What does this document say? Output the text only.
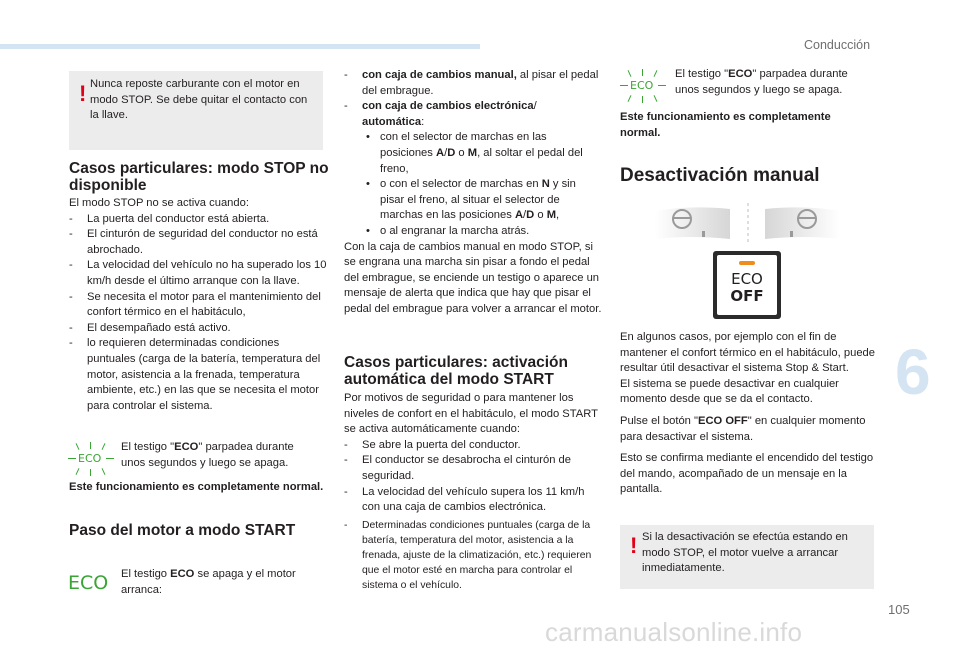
Conducción
6
105
carmanualsonline.info
! Nunca reposte carburante con el motor en modo STOP. Se debe quitar el contacto con la llave.

Casos particulares: modo STOP no disponible

El modo STOP no se activa cuando:

- La puerta del conductor está abierta.

- El cinturón de seguridad del conductor no está abrochado.

- La velocidad del vehículo no ha superado los 10 km/h desde el último arranque con la llave.

- Se necesita el motor para el mantenimiento del confort térmico en el habitáculo,

- El desempañado está activo.

- lo requieren determinadas condiciones puntuales (carga de la batería, temperatura del motor, asistencia a la frenada, temperatura ambiente, etc.) en las que se necesita el motor para controlar el sistema.

ECO

El testigo "ECO" parpadea durante unos segundos y luego se apaga.

Este funcionamiento es completamente normal.

Paso del motor a modo START
ECO El testigo ECO se apaga y el motor arranca:

- con caja de cambios manual, al pisar el pedal del embrague.

- con caja de cambios electrónica/
automática:

• con el selector de marchas en las posiciones A/D o M, al soltar el pedal del freno,

• o con el selector de marchas en N y sin pisar el freno, al situar el selector de marchas en las posiciones A/D o M,

• o al engranar la marcha atrás.

Con la caja de cambios manual en modo STOP, si se engrana una marcha sin pisar a fondo el pedal del embrague, se enciende un testigo o aparece un mensaje de alerta que indica que hay que pisar el pedal del embrague para volver a arrancar el motor.

Casos particulares: activación automática del modo START

Por motivos de seguridad o para mantener los niveles de confort en el habitáculo, el modo START se activa automáticamente cuando:

- Se abre la puerta del conductor.

- El conductor se desabrocha el cinturón de seguridad.

- La velocidad del vehículo supera los 11 km/h con una caja de cambios electrónica.

- Determinadas condiciones puntuales (carga de la batería, temperatura del motor, asistencia a la frenada, ajuste de la climatización, etc.) requieren que el motor esté en marcha para controlar el sistema o el vehículo.

ECO

El testigo "ECO" parpadea durante unos segundos y luego se apaga.

Este funcionamiento es completamente normal.

Desactivación manual
ECO
OFF

En algunos casos, por ejemplo con el fin de mantener el confort térmico en el habitáculo, puede resultar útil desactivar el sistema Stop & Start.

El sistema se puede desactivar en cualquier momento desde que se da el contacto.

Pulse el botón "ECO OFF" en cualquier momento para desactivar el sistema.

Esto se confirma mediante el encendido del testigo del mando, acompañado de un mensaje en la pantalla.

! Si la desactivación se efectúa estando en modo STOP, el motor vuelve a arrancar inmediatamente.
